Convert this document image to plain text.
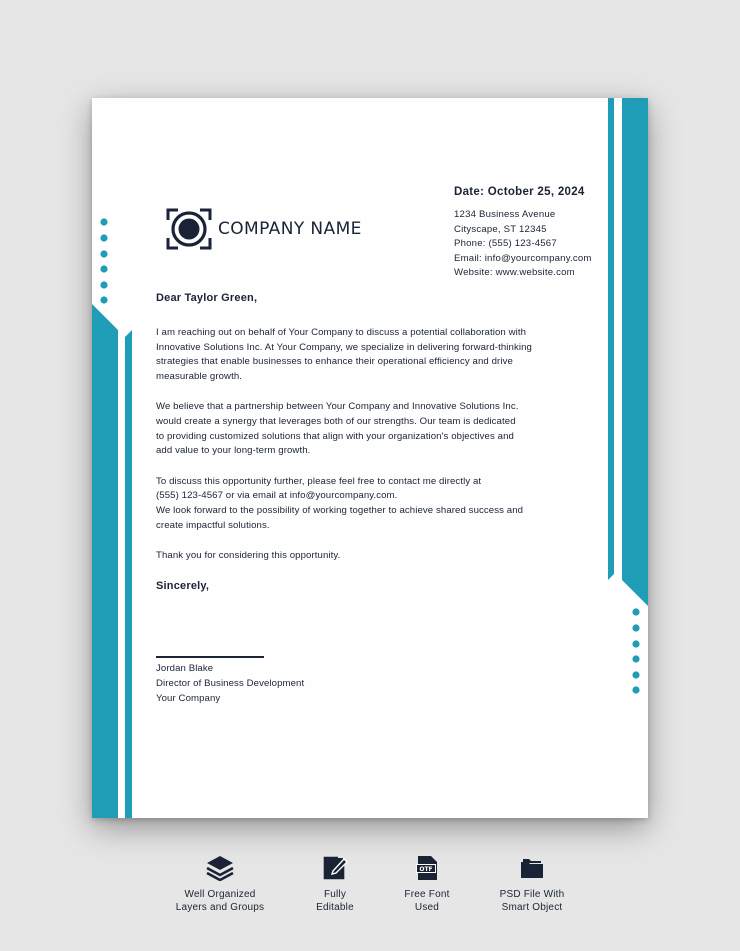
COMPANY NAME
Date: October 25, 2024
1234 Business Avenue
Cityscape, ST 12345
Phone: (555) 123-4567
Email: info@yourcompany.com
Website: www.website.com
Dear Taylor Green,
I am reaching out on behalf of Your Company to discuss a potential collaboration with
Innovative Solutions Inc. At Your Company, we specialize in delivering forward-thinking
strategies that enable businesses to enhance their operational efficiency and drive
measurable growth.
We believe that a partnership between Your Company and Innovative Solutions Inc.
would create a synergy that leverages both of our strengths. Our team is dedicated
to providing customized solutions that align with your organization's objectives and
add value to your long-term growth.
To discuss this opportunity further, please feel free to contact me directly at
(555) 123-4567 or via email at info@yourcompany.com.
We look forward to the possibility of working together to achieve shared success and
create impactful solutions.
Thank you for considering this opportunity.
Sincerely,
Jordan Blake
Director of Business Development
Your Company
Well Organized
Layers and Groups
Fully
Editable
OTF
Free Font
Used
PSD File With
Smart Object
